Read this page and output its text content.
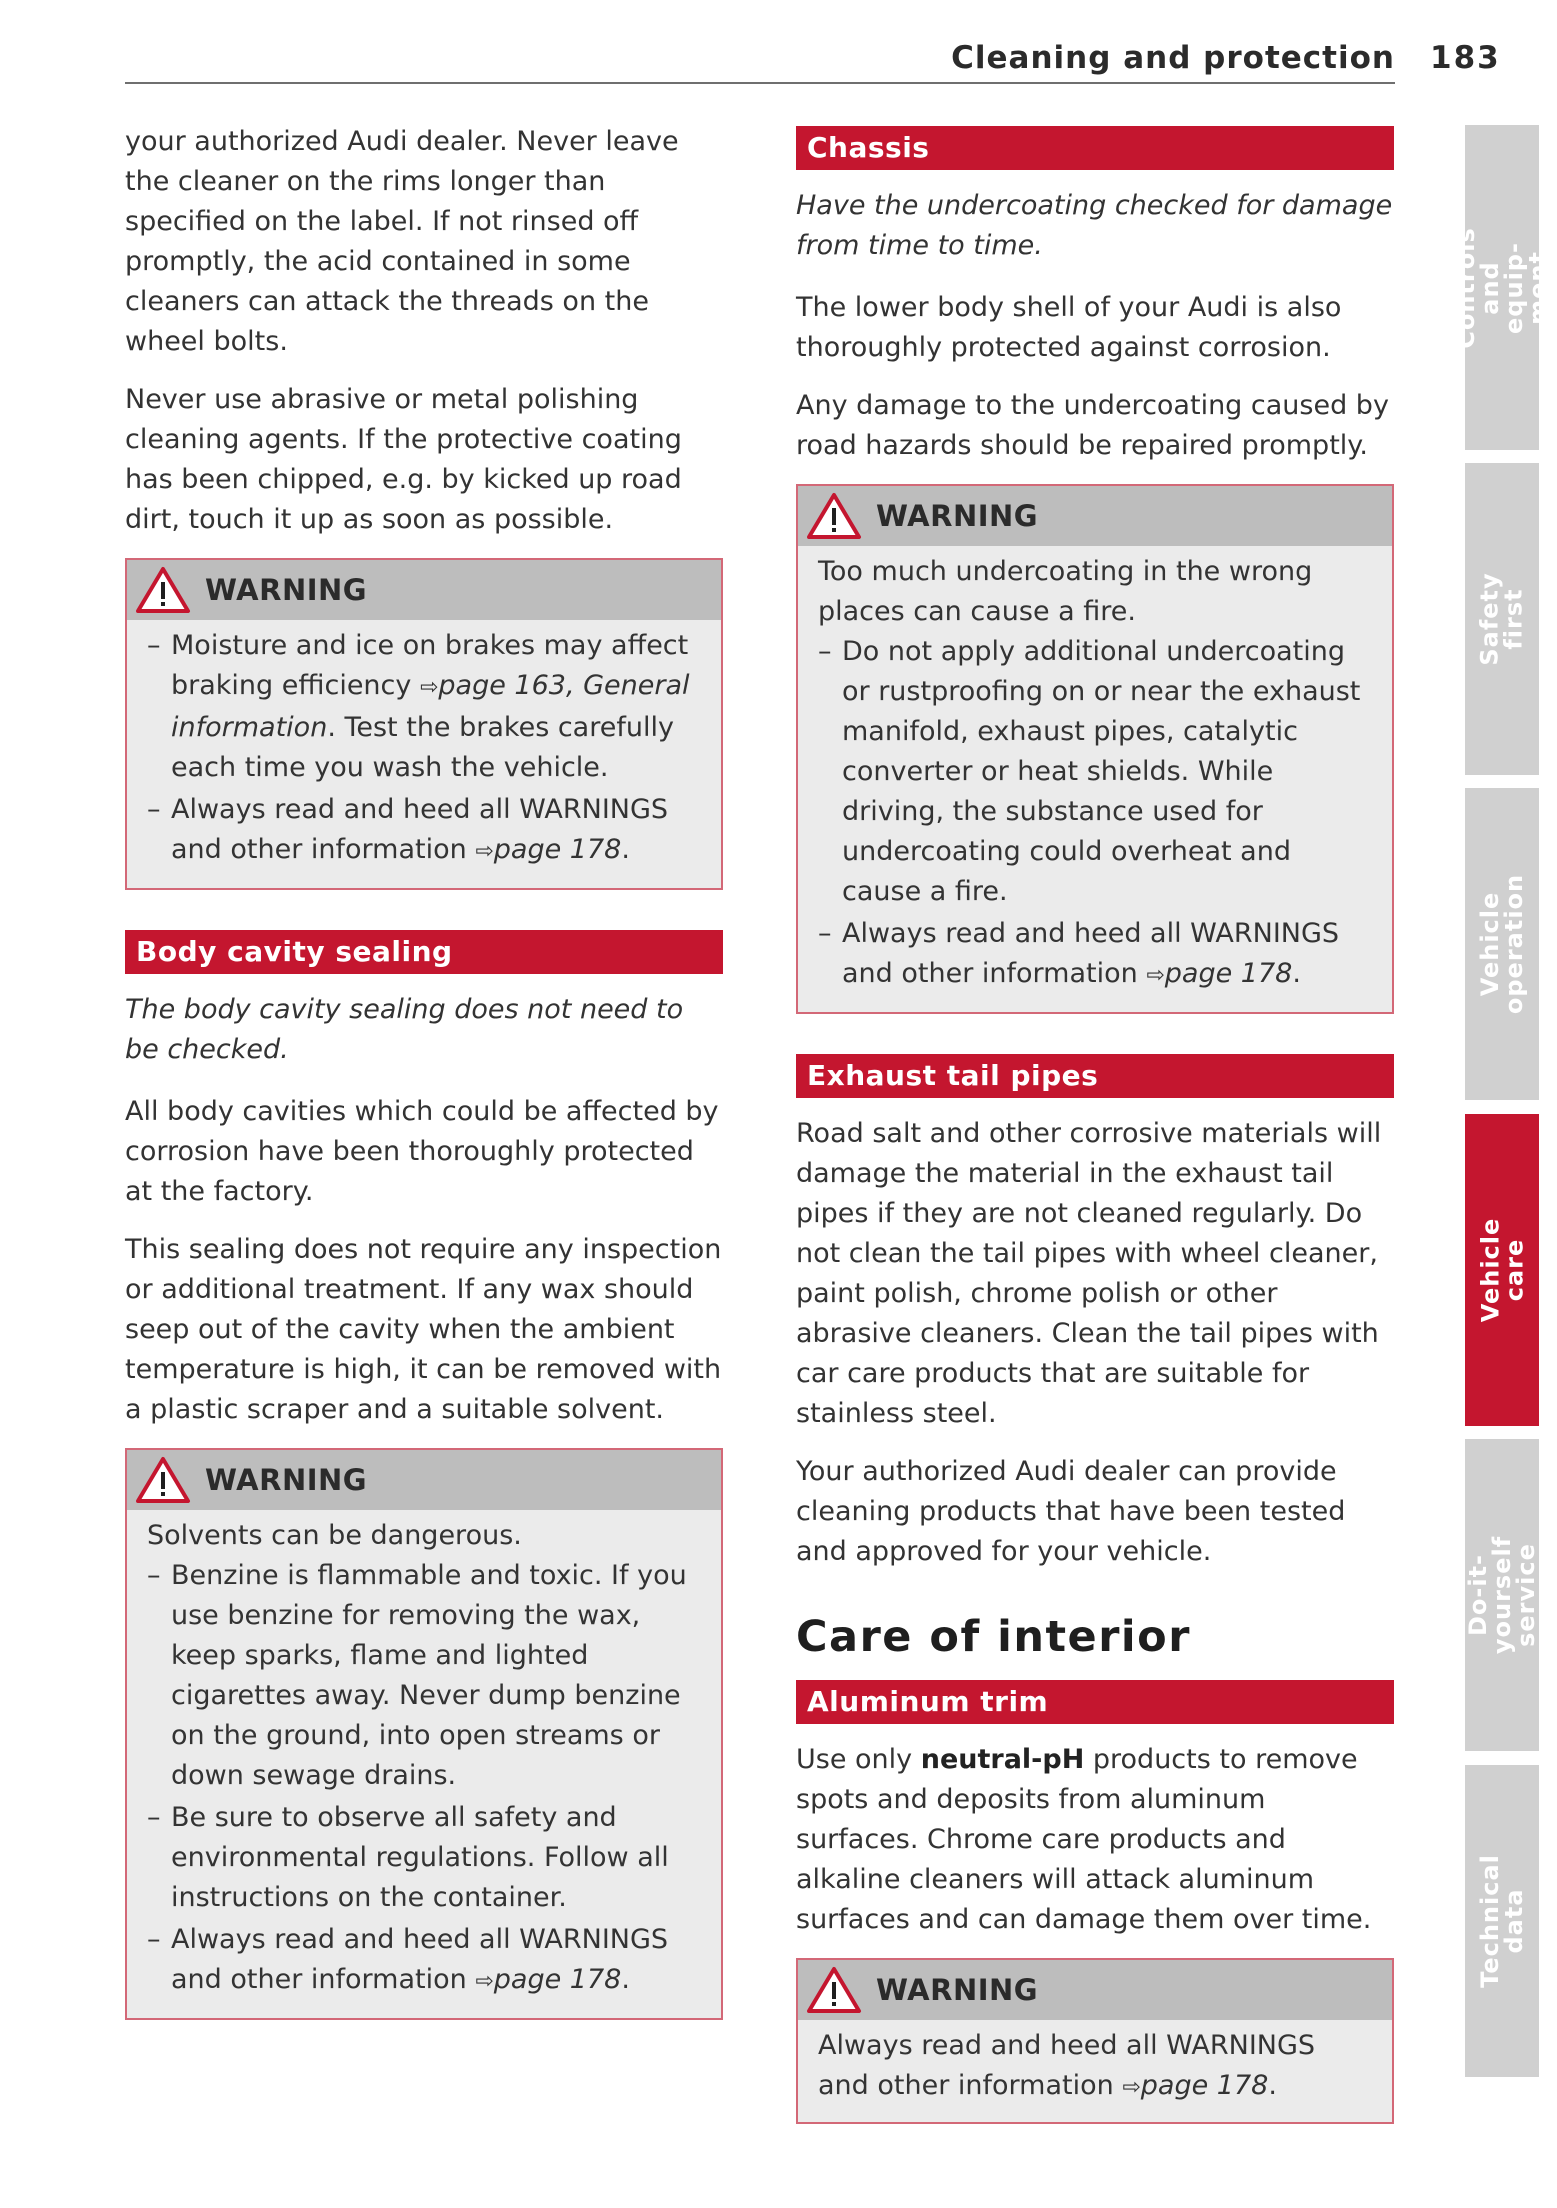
Cleaning and protection 183

your authorized Audi dealer. Never leave the cleaner on the rims longer than specified on the label. If not rinsed off promptly, the acid contained in some cleaners can attack the threads on the wheel bolts.

Never use abrasive or metal polishing cleaning agents. If the protective coating has been chipped, e.g. by kicked up road dirt, touch it up as soon as possible.

WARNING
– Moisture and ice on brakes may affect braking efficiency ⇨page 163, General information. Test the brakes carefully each time you wash the vehicle.
– Always read and heed all WARNINGS and other information ⇨page 178.
Body cavity sealing

The body cavity sealing does not need to be checked.

All body cavities which could be affected by corrosion have been thoroughly protected at the factory.

This sealing does not require any inspection or additional treatment. If any wax should seep out of the cavity when the ambient temperature is high, it can be removed with a plastic scraper and a suitable solvent.

WARNING

Solvents can be dangerous.

– Benzine is flammable and toxic. If you use benzine for removing the wax, keep sparks, flame and lighted cigarettes away. Never dump benzine on the ground, into open streams or down sewage drains.
– Be sure to observe all safety and environmental regulations. Follow all instructions on the container.
– Always read and heed all WARNINGS and other information ⇨page 178.
Chassis

Have the undercoating checked for damage from time to time.

The lower body shell of your Audi is also thoroughly protected against corrosion.

Any damage to the undercoating caused by road hazards should be repaired promptly.

WARNING

Too much undercoating in the wrong places can cause a fire.

– Do not apply additional undercoating or rustproofing on or near the exhaust manifold, exhaust pipes, catalytic converter or heat shields. While driving, the substance used for undercoating could overheat and cause a fire.
– Always read and heed all WARNINGS and other information ⇨page 178.
Exhaust tail pipes

Road salt and other corrosive materials will damage the material in the exhaust tail pipes if they are not cleaned regularly. Do not clean the tail pipes with wheel cleaner, paint polish, chrome polish or other abrasive cleaners. Clean the tail pipes with car care products that are suitable for stainless steel.

Your authorized Audi dealer can provide cleaning products that have been tested and approved for your vehicle.

Care of interior
Aluminum trim

Use only neutral-pH products to remove spots and deposits from aluminum surfaces. Chrome care products and alkaline cleaners will attack aluminum surfaces and can damage them over time.

WARNING

Always read and heed all WARNINGS and other information ⇨page 178.

Controls and equip-ment
Safety first
Vehicle operation
Vehicle care
Do-it-yourself service
Technical data
